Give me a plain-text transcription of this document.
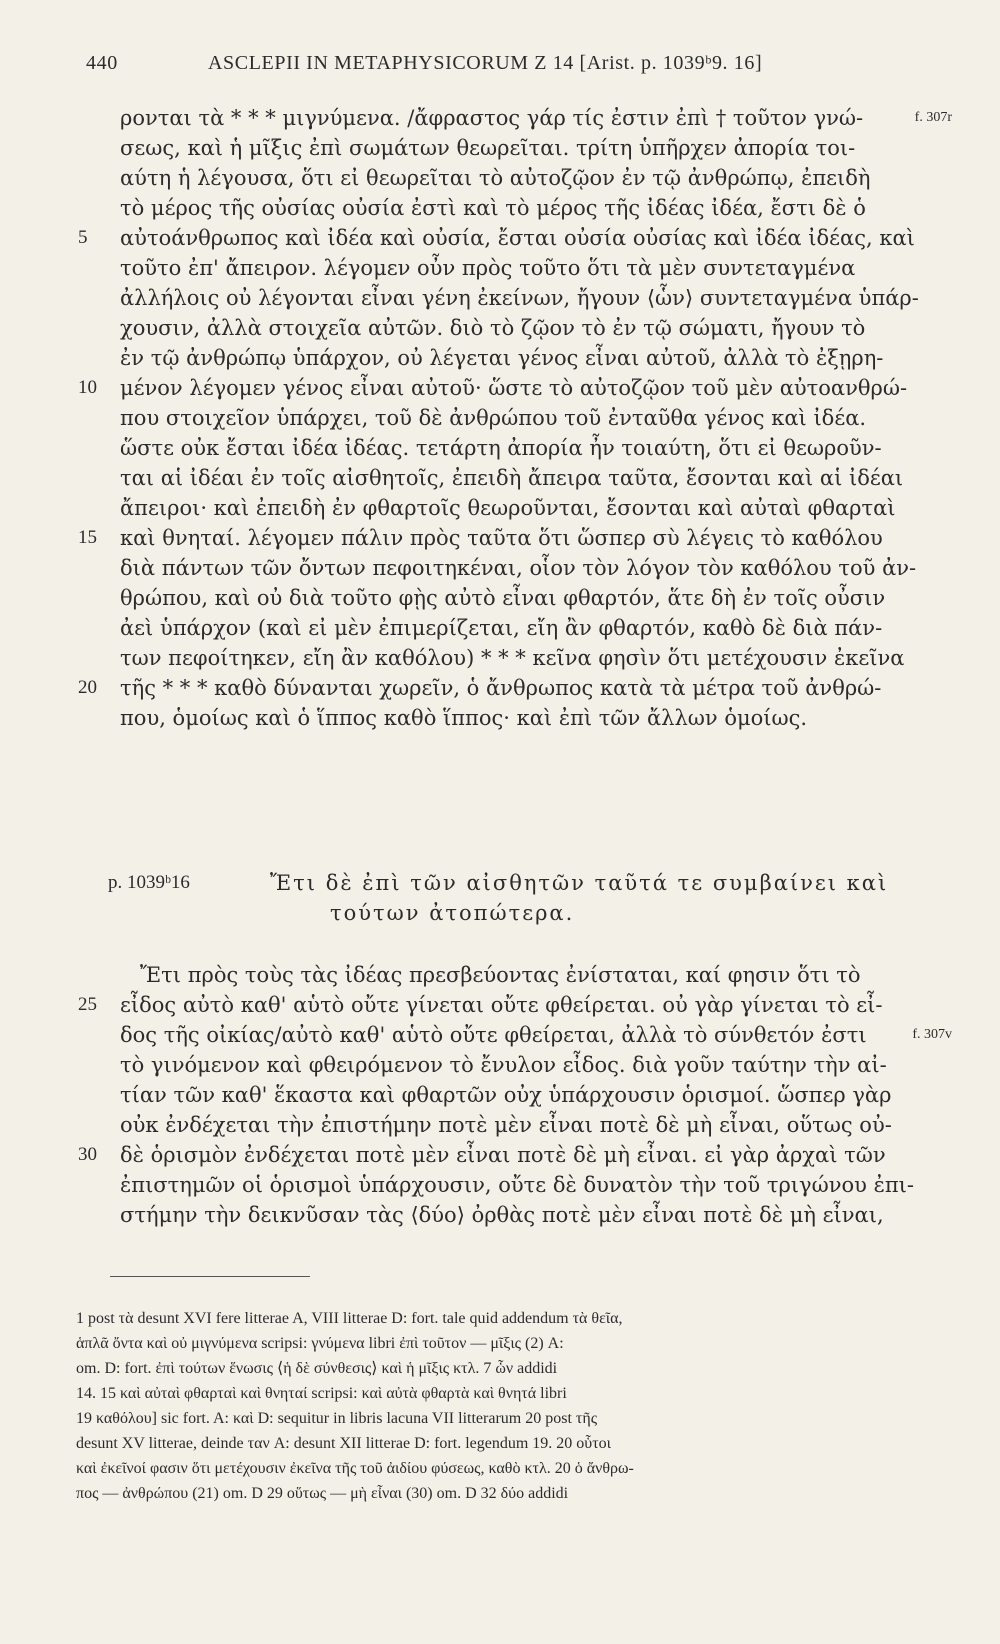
440	ASCLEPII IN METAPHYSICORUM Z 14 [Arist. p. 1039ᵇ9. 16]
ρονται τὰ * * * μιγνύμενα. /ἄφραστος γάρ τίς ἐστιν ἐπὶ † τοῦτον γνώ-
σεως, καὶ ἡ μῖξις ἐπὶ σωμάτων θεωρεῖται. τρίτη ὑπῆρχεν ἀπορία τοι-
αύτη ἡ λέγουσα, ὅτι εἰ θεωρεῖται τὸ αὐτοζῷον ἐν τῷ ἀνθρώπῳ, ἐπειδὴ
τὸ μέρος τῆς οὐσίας οὐσία ἐστὶ καὶ τὸ μέρος τῆς ἰδέας ἰδέα, ἔστι δὲ ὁ
αὐτοάνθρωπος καὶ ἰδέα καὶ οὐσία, ἔσται οὐσία οὐσίας καὶ ἰδέα ἰδέας, καὶ
τοῦτο ἐπ' ἄπειρον. λέγομεν οὖν πρὸς τοῦτο ὅτι τὰ μὲν συντεταγμένα
ἀλλήλοις οὐ λέγονται εἶναι γένη ἐκείνων, ἤγουν ⟨ὧν⟩ συντεταγμένα ὑπάρ-
χουσιν, ἀλλὰ στοιχεῖα αὐτῶν. διὸ τὸ ζῷον τὸ ἐν τῷ σώματι, ἤγουν τὸ
ἐν τῷ ἀνθρώπῳ ὑπάρχον, οὐ λέγεται γένος εἶναι αὐτοῦ, ἀλλὰ τὸ ἐξῃρη-
μένον λέγομεν γένος εἶναι αὐτοῦ· ὥστε τὸ αὐτοζῷον τοῦ μὲν αὐτοανθρώ-
που στοιχεῖον ὑπάρχει, τοῦ δὲ ἀνθρώπου τοῦ ἐνταῦθα γένος καὶ ἰδέα.
ὥστε οὐκ ἔσται ἰδέα ἰδέας. τετάρτη ἀπορία ἦν τοιαύτη, ὅτι εἰ θεωροῦν-
ται αἱ ἰδέαι ἐν τοῖς αἰσθητοῖς, ἐπειδὴ ἄπειρα ταῦτα, ἔσονται καὶ αἱ ἰδέαι
ἄπειροι· καὶ ἐπειδὴ ἐν φθαρτοῖς θεωροῦνται, ἔσονται καὶ αὐταὶ φθαρταὶ
καὶ θνηταί. λέγομεν πάλιν πρὸς ταῦτα ὅτι ὥσπερ σὺ λέγεις τὸ καθόλου
διὰ πάντων τῶν ὄντων πεφοιτηκέναι, οἷον τὸν λόγον τὸν καθόλου τοῦ ἀν-
θρώπου, καὶ οὐ διὰ τοῦτο φῂς αὐτὸ εἶναι φθαρτόν, ἅτε δὴ ἐν τοῖς οὖσιν
ἀεὶ ὑπάρχον (καὶ εἰ μὲν ἐπιμερίζεται, εἴη ἂν φθαρτόν, καθὸ δὲ διὰ πάν-
των πεφοίτηκεν, εἴη ἂν καθόλου) * * * κεῖνα φησὶν ὅτι μετέχουσιν ἐκεῖνα
τῆς * * * καθὸ δύνανται χωρεῖν, ὁ ἄνθρωπος κατὰ τὰ μέτρα τοῦ ἀνθρώ-
που, ὁμοίως καὶ ὁ ἵππος καθὸ ἵππος· καὶ ἐπὶ τῶν ἄλλων ὁμοίως.
5
10
15
20
f. 307r
p. 1039ᵇ16	Ἔτι δὲ ἐπὶ τῶν αἰσθητῶν ταῦτά τε συμβαίνει καὶ
τούτων ἀτοπώτερα.
Ἔτι πρὸς τοὺς τὰς ἰδέας πρεσβεύοντας ἐνίσταται, καί φησιν ὅτι τὸ
εἶδος αὐτὸ καθ' αὑτὸ οὔτε γίνεται οὔτε φθείρεται. οὐ γὰρ γίνεται τὸ εἶ-
δος τῆς οἰκίας/αὐτὸ καθ' αὑτὸ οὔτε φθείρεται, ἀλλὰ τὸ σύνθετόν ἐστι
τὸ γινόμενον καὶ φθειρόμενον τὸ ἔνυλον εἶδος. διὰ γοῦν ταύτην τὴν αἰ-
τίαν τῶν καθ' ἕκαστα καὶ φθαρτῶν οὐχ ὑπάρχουσιν ὁρισμοί. ὥσπερ γὰρ
οὐκ ἐνδέχεται τὴν ἐπιστήμην ποτὲ μὲν εἶναι ποτὲ δὲ μὴ εἶναι, οὕτως οὐ-
δὲ ὁρισμὸν ἐνδέχεται ποτὲ μὲν εἶναι ποτὲ δὲ μὴ εἶναι. εἰ γὰρ ἀρχαὶ τῶν
ἐπιστημῶν οἱ ὁρισμοὶ ὑπάρχουσιν, οὔτε δὲ δυνατὸν τὴν τοῦ τριγώνου ἐπι-
στήμην τὴν δεικνῦσαν τὰς ⟨δύο⟩ ὀρθὰς ποτὲ μὲν εἶναι ποτὲ δὲ μὴ εἶναι,
25
30
f. 307v
1 post τὰ desunt XVI fere litterae A, VIII litterae D: fort. tale quid addendum τὰ θεῖα,
ἁπλᾶ ὄντα καὶ οὐ μιγνύμενα scripsi: γνύμενα libri ἐπὶ τοῦτον — μῖξις (2) A:
om. D: fort. ἐπὶ τούτων ἕνωσις ⟨ἡ δὲ σύνθεσις⟩ καὶ ἡ μῖξις κτλ. 7 ὧν addidi
14. 15 καὶ αὐταὶ φθαρταὶ καὶ θνηταί scripsi: καὶ αὐτὰ φθαρτὰ καὶ θνητά libri
19 καθόλου] sic fort. A: καὶ D: sequitur in libris lacuna VII litterarum 20 post τῆς
desunt XV litterae, deinde ταν A: desunt XII litterae D: fort. legendum 19. 20 οὗτοι
καὶ ἐκεῖνοί φασιν ὅτι μετέχουσιν ἐκεῖνα τῆς τοῦ ἀιδίου φύσεως, καθὸ κτλ. 20 ὁ ἄνθρω-
πος — ἀνθρώπου (21) om. D 29 οὕτως — μὴ εἶναι (30) om. D 32 δύο addidi
